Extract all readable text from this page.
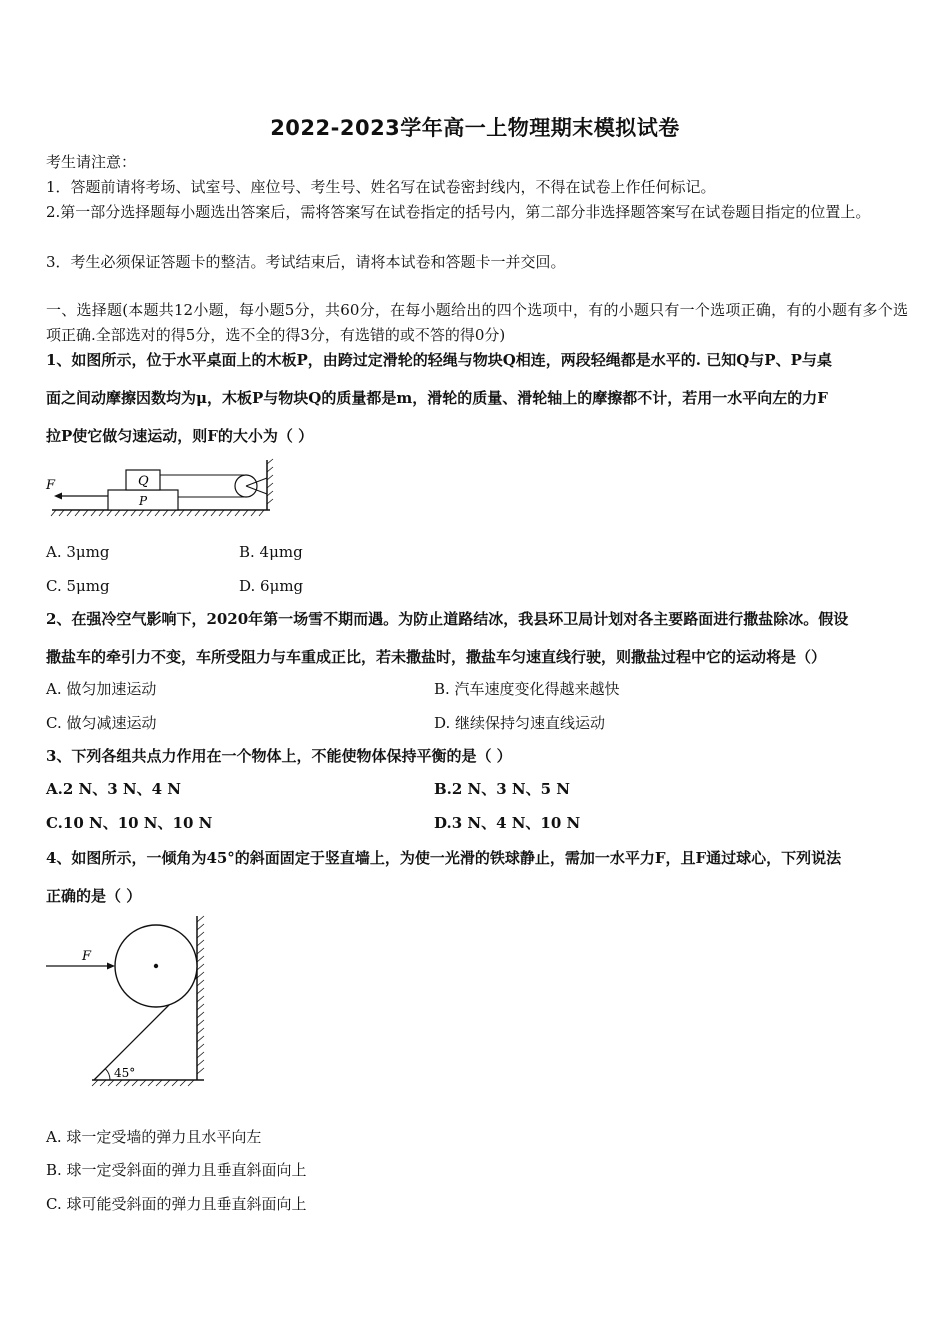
2022-2023学年高一上物理期末模拟试卷
考生请注意：
1．答题前请将考场、试室号、座位号、考生号、姓名写在试卷密封线内，不得在试卷上作任何标记。
2.第一部分选择题每小题选出答案后，需将答案写在试卷指定的括号内，第二部分非选择题答案写在试卷题目指定的位置上。
3．考生必须保证答题卡的整洁。考试结束后，请将本试卷和答题卡一并交回。
一、选择题(本题共12小题，每小题5分，共60分，在每小题给出的四个选项中，有的小题只有一个选项正确，有的小题有多个选项正确.全部选对的得5分，选不全的得3分，有选错的或不答的得0分)
1、如图所示，位于水平桌面上的木板P，由跨过定滑轮的轻绳与物块Q相连，两段轻绳都是水平的. 已知Q与P、P与桌
面之间动摩擦因数均为μ，木板P与物块Q的质量都是m，滑轮的质量、滑轮轴上的摩擦都不计，若用一水平向左的力F
拉P使它做匀速运动，则F的大小为（ ）
F	Q
P
A. 3μmg	B. 4μmg
C. 5μmg	D. 6μmg
2、在强冷空气影响下，2020年第一场雪不期而遇。为防止道路结冰，我县环卫局计划对各主要路面进行撒盐除冰。假设
撒盐车的牵引力不变，车所受阻力与车重成正比，若未撒盐时，撒盐车匀速直线行驶，则撒盐过程中它的运动将是（）
A. 做匀加速运动	B. 汽车速度变化得越来越快
C. 做匀减速运动	D. 继续保持匀速直线运动
3、下列各组共点力作用在一个物体上，不能使物体保持平衡的是（ ）
A.2 N、3 N、4 N	B.2 N、3 N、5 N
C.10 N、10 N、10 N	D.3 N、4 N、10 N
4、如图所示，一倾角为45°的斜面固定于竖直墙上，为使一光滑的铁球静止，需加一水平力F，且F通过球心，下列说法
正确的是（ ）
F
45°
A. 球一定受墙的弹力且水平向左
B. 球一定受斜面的弹力且垂直斜面向上
C. 球可能受斜面的弹力且垂直斜面向上
